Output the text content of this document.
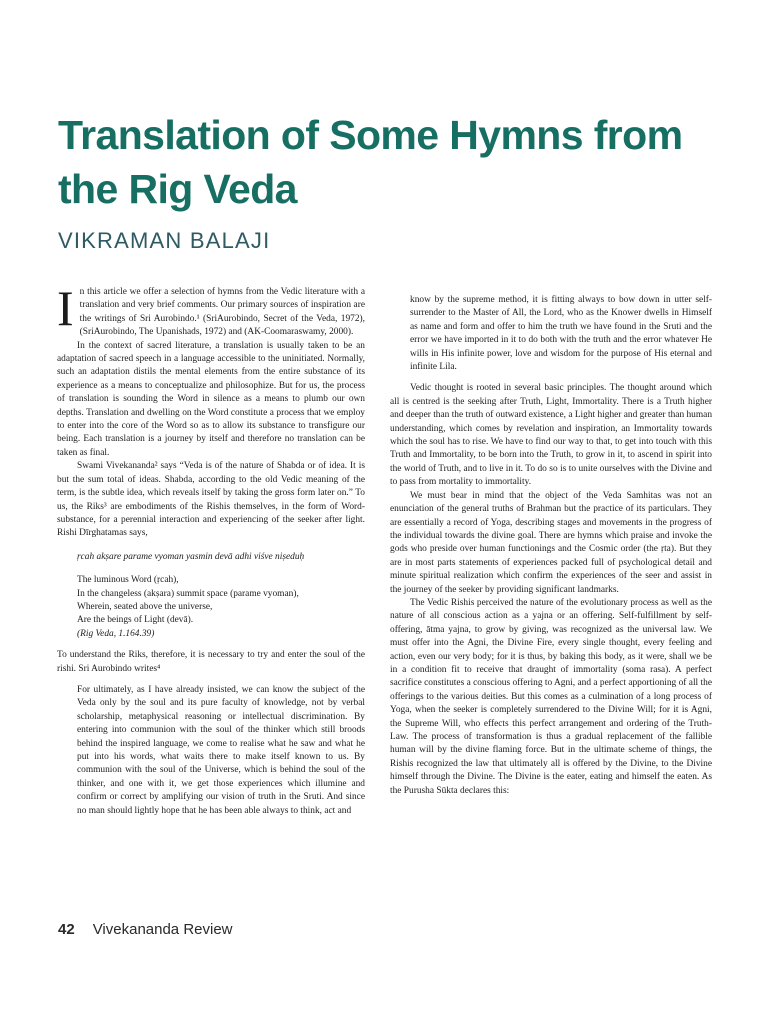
Translation of Some Hymns from the Rig Veda
VIKRAMAN BALAJI

In this article we offer a selection of hymns from the Vedic literature with a translation and very brief comments. Our primary sources of inspiration are the writings of Sri Aurobindo.¹ (SriAurobindo, Secret of the Veda, 1972), (SriAurobindo, The Upanishads, 1972) and (AK-Coomaraswamy, 2000).

In the context of sacred literature, a translation is usually taken to be an adaptation of sacred speech in a language accessible to the uninitiated. Normally, such an adaptation distils the mental elements from the entire substance of its experience as a means to conceptualize and philosophize. But for us, the process of translation is sounding the Word in silence as a means to plumb our own depths. Translation and dwelling on the Word constitute a process that we employ to enter into the core of the Word so as to allow its substance to transfigure our being. Each translation is a journey by itself and therefore no translation can be taken as final.

Swami Vivekananda² says “Veda is of the nature of Shabda or of idea. It is but the sum total of ideas. Shabda, according to the old Vedic meaning of the term, is the subtle idea, which reveals itself by taking the gross form later on.” To us, the Riks³ are embodiments of the Rishis themselves, in the form of Word-substance, for a perennial interaction and experiencing of the seeker after light. Rishi Dīrghatamas says,

ṛcah akṣare parame vyoman yasmin devā adhi viśve niṣeduḥ

The luminous Word (ṛcah),
In the changeless (akṣara) summit space (parame vyoman),
Wherein, seated above the universe,
Are the beings of Light (devā).
(Rig Veda, 1.164.39)

To understand the Riks, therefore, it is necessary to try and enter the soul of the rishi. Sri Aurobindo writes⁴

For ultimately, as I have already insisted, we can know the subject of the Veda only by the soul and its pure faculty of knowledge, not by verbal scholarship, metaphysical reasoning or intellectual discrimination. By entering into communion with the soul of the thinker which still broods behind the inspired language, we come to realise what he saw and what he put into his words, what waits there to make itself known to us. By communion with the soul of the Universe, which is behind the soul of the thinker, and one with it, we get those experiences which illumine and confirm or correct by amplifying our vision of truth in the Sruti. And since no man should lightly hope that he has been able always to think, act and

know by the supreme method, it is fitting always to bow down in utter self-surrender to the Master of All, the Lord, who as the Knower dwells in Himself as name and form and offer to him the truth we have found in the Sruti and the error we have imported in it to do both with the truth and the error whatever He wills in His infinite power, love and wisdom for the purpose of His eternal and infinite Lila.

Vedic thought is rooted in several basic principles. The thought around which all is centred is the seeking after Truth, Light, Immortality. There is a Truth higher and deeper than the truth of outward existence, a Light higher and greater than human understanding, which comes by revelation and inspiration, an Immortality towards which the soul has to rise. We have to find our way to that, to get into touch with this Truth and Immortality, to be born into the Truth, to grow in it, to ascend in spirit into the world of Truth, and to live in it. To do so is to unite ourselves with the Divine and to pass from mortality to immortality.

We must bear in mind that the object of the Veda Samhitas was not an enunciation of the general truths of Brahman but the practice of its particulars. They are essentially a record of Yoga, describing stages and movements in the progress of the individual towards the divine goal. There are hymns which praise and invoke the gods who preside over human functionings and the Cosmic order (the ṛta). But they are in most parts statements of experiences packed full of psychological detail and minute spiritual realization which confirm the experiences of the seer and assist in the journey of the seeker by providing significant landmarks.

The Vedic Rishis perceived the nature of the evolutionary process as well as the nature of all conscious action as a yajna or an offering. Self-fulfillment by self-offering, ātma yajna, to grow by giving, was recognized as the universal law. We must offer into the Agni, the Divine Fire, every single thought, every feeling and action, even our very body; for it is thus, by baking this body, as it were, shall we be in a condition fit to receive that draught of immortality (soma rasa). A perfect sacrifice constitutes a conscious offering to Agni, and a perfect apportioning of all the offerings to the various deities. But this comes as a culmination of a long process of Yoga, when the seeker is completely surrendered to the Divine Will; for it is Agni, the Supreme Will, who effects this perfect arrangement and ordering of the Truth-Law. The process of transformation is thus a gradual replacement of the fallible human will by the divine flaming force. But in the ultimate scheme of things, the Rishis recognized the law that ultimately all is offered by the Divine, to the Divine himself through the Divine. The Divine is the eater, eating and himself the eaten. As the Purusha Sūkta declares this:

42 Vivekananda Review
